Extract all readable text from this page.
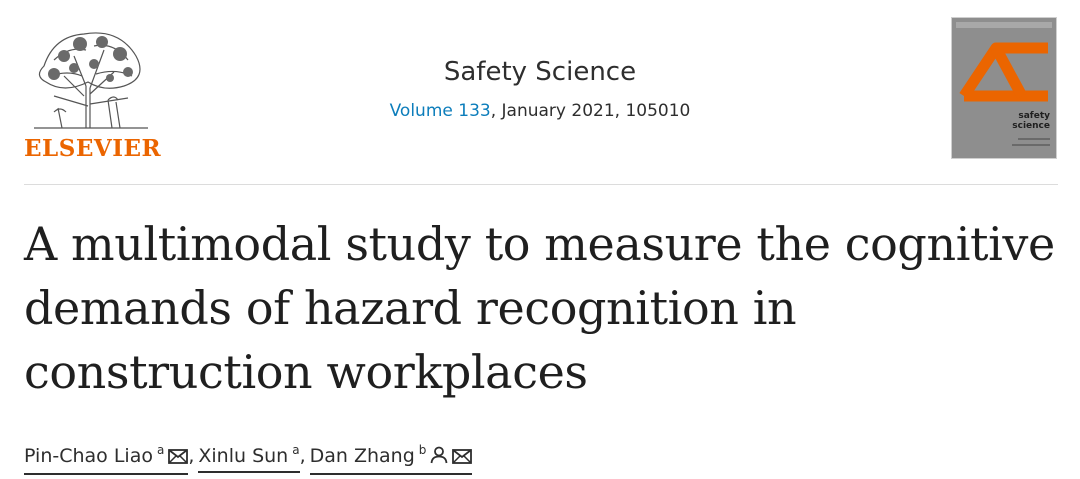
ELSEVIER
Safety Science
Volume 133, January 2021, 105010	safety
science
A multimodal study to measure the cognitive demands of hazard recognition in construction workplaces
Pin-Chao Liao $^a$ , Xinlu Sun $^a$, Dan Zhang $^b$
